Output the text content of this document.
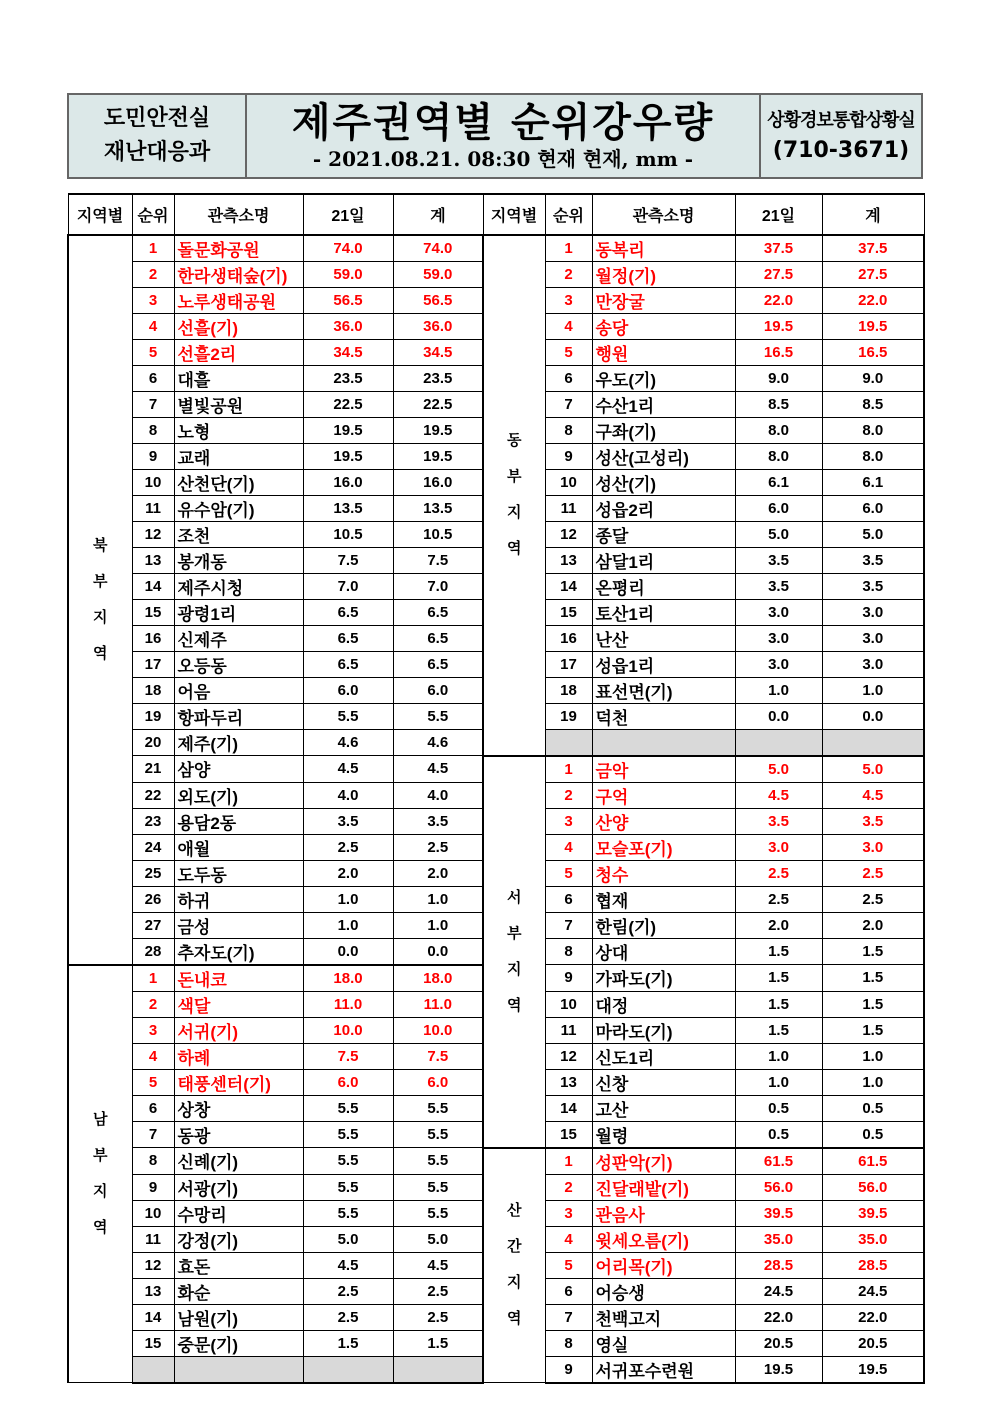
도민안전실
재난대응과
제주권역별 순위강우량
- 2021.08.21. 08:30 현재 현재, mm -
상황경보통합상황실
(710-3671)
지역별	순위	관측소명	21일	계	지역별	순위	관측소명	21일	계

북부지역	1	돌문화공원	74.0	74.0	동부지역	1	동복리	37.5	37.5
	2	한라생태숲(기)	59.0	59.0		2	월정(기)	27.5	27.5
	3	노루생태공원	56.5	56.5		3	만장굴	22.0	22.0
	4	선흘(기)	36.0	36.0		4	송당	19.5	19.5
	5	선흘2리	34.5	34.5		5	행원	16.5	16.5
	6	대흘	23.5	23.5		6	우도(기)	9.0	9.0
	7	별빛공원	22.5	22.5		7	수산1리	8.5	8.5
	8	노형	19.5	19.5		8	구좌(기)	8.0	8.0
	9	교래	19.5	19.5		9	성산(고성리)	8.0	8.0
	10	산천단(기)	16.0	16.0		10	성산(기)	6.1	6.1
	11	유수암(기)	13.5	13.5		11	성읍2리	6.0	6.0
	12	조천	10.5	10.5		12	종달	5.0	5.0
	13	봉개동	7.5	7.5		13	삼달1리	3.5	3.5
	14	제주시청	7.0	7.0		14	온평리	3.5	3.5
	15	광령1리	6.5	6.5		15	토산1리	3.0	3.0
	16	신제주	6.5	6.5		16	난산	3.0	3.0
	17	오등동	6.5	6.5		17	성읍1리	3.0	3.0
	18	어음	6.0	6.0		18	표선면(기)	1.0	1.0
	19	항파두리	5.5	5.5		19	덕천	0.0	0.0
	20	제주(기)	4.6	4.6					
	21	삼양	4.5	4.5	서부지역	1	금악	5.0	5.0
	22	외도(기)	4.0	4.0		2	구억	4.5	4.5
	23	용담2동	3.5	3.5		3	산양	3.5	3.5
	24	애월	2.5	2.5		4	모슬포(기)	3.0	3.0
	25	도두동	2.0	2.0		5	청수	2.5	2.5
	26	하귀	1.0	1.0		6	협재	2.5	2.5
	27	금성	1.0	1.0		7	한림(기)	2.0	2.0
	28	추자도(기)	0.0	0.0		8	상대	1.5	1.5

남부지역	1	돈내코	18.0	18.0		9	가파도(기)	1.5	1.5
	2	색달	11.0	11.0		10	대정	1.5	1.5
	3	서귀(기)	10.0	10.0		11	마라도(기)	1.5	1.5
	4	하례	7.5	7.5		12	신도1리	1.0	1.0
	5	태풍센터(기)	6.0	6.0		13	신창	1.0	1.0
	6	상창	5.5	5.5		14	고산	0.5	0.5
	7	동광	5.5	5.5		15	월령	0.5	0.5
	8	신례(기)	5.5	5.5	산간지역	1	성판악(기)	61.5	61.5
	9	서광(기)	5.5	5.5		2	진달래밭(기)	56.0	56.0
	10	수망리	5.5	5.5		3	관음사	39.5	39.5
	11	강정(기)	5.0	5.0		4	윗세오름(기)	35.0	35.0
	12	효돈	4.5	4.5		5	어리목(기)	28.5	28.5
	13	화순	2.5	2.5		6	어승생	24.5	24.5
	14	남원(기)	2.5	2.5		7	천백고지	22.0	22.0
	15	중문(기)	1.5	1.5		8	영실	20.5	20.5
						9	서귀포수련원	19.5	19.5
